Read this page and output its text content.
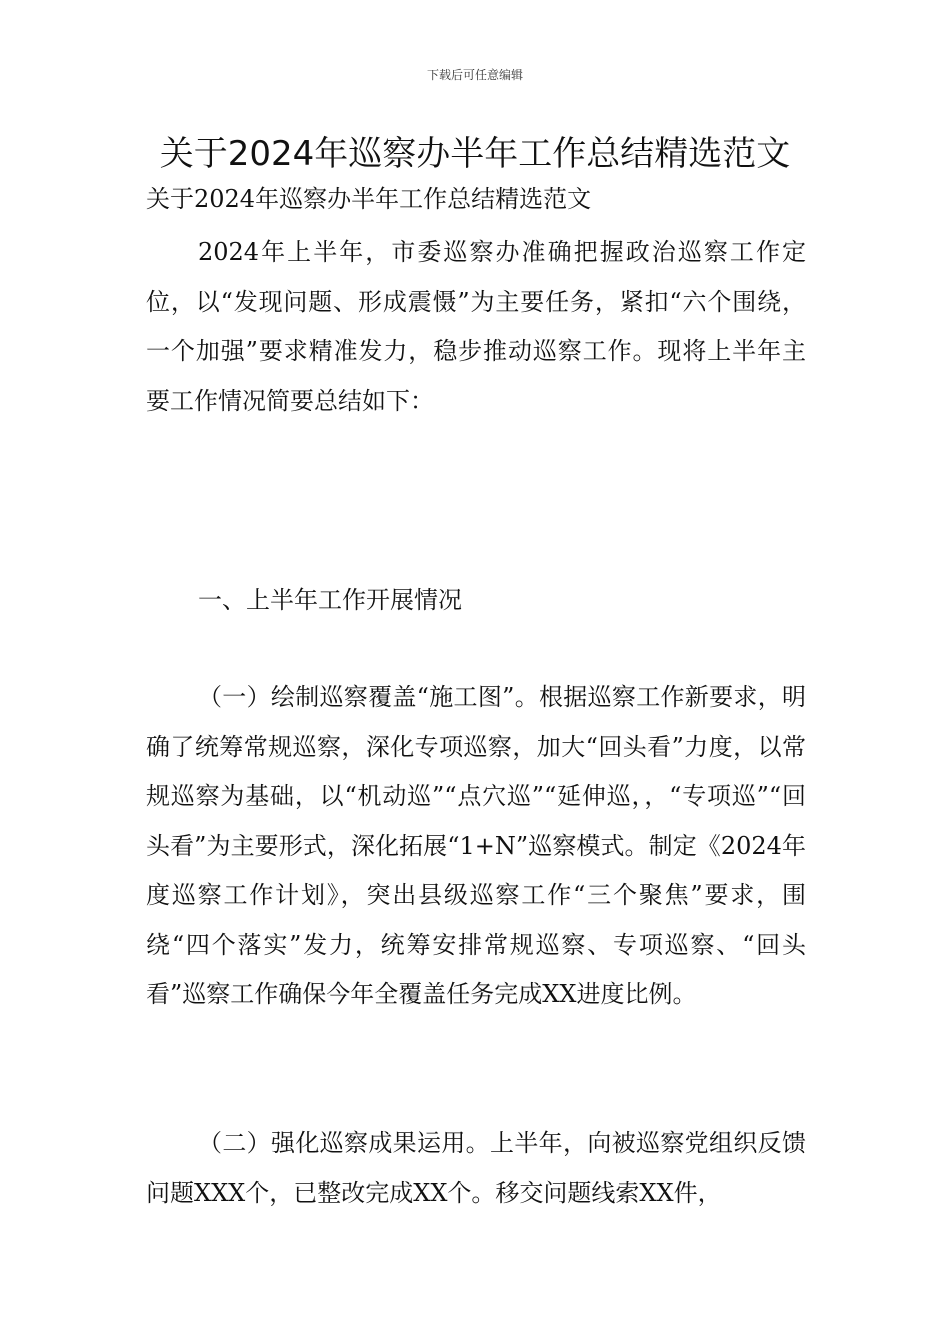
下载后可任意编辑
关于2024年巡察办半年工作总结精选范文
关于2024年巡察办半年工作总结精选范文

2024年上半年，市委巡察办准确把握政治巡察工作定位，以“发现问题、形成震慑”为主要任务，紧扣“六个围绕，一个加强”要求精准发力，稳步推动巡察工作。现将上半年主要工作情况简要总结如下：

一、上半年工作开展情况

（一）绘制巡察覆盖“施工图”。根据巡察工作新要求，明确了统筹常规巡察，深化专项巡察，加大“回头看”力度，以常规巡察为基础，以“机动巡”“点穴巡”“延伸巡，，“专项巡”“回头看”为主要形式，深化拓展“1+N”巡察模式。制定《2024年度巡察工作计划》，突出县级巡察工作“三个聚焦”要求，围绕“四个落实”发力，统筹安排常规巡察、专项巡察、“回头看”巡察工作确保今年全覆盖任务完成XX进度比例。

（二）强化巡察成果运用。上半年，向被巡察党组织反馈问题XXX个，已整改完成XX个。移交问题线索XX件，
